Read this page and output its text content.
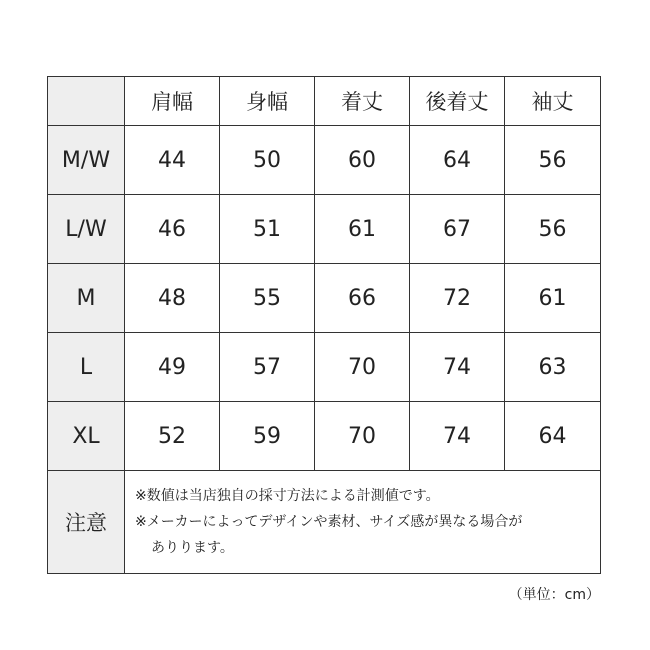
	肩幅	身幅	着丈	後着丈	袖丈
M/W	44	50	60	64	56
L/W	46	51	61	67	56
M	48	55	66	72	61
L	49	57	70	74	63
XL	52	59	70	74	64
注意	※数値は当店独自の採寸方法による計測値です。
※メーカーによってデザインや素材、サイズ感が異なる場合が
ありります。				
（単位：cm）
